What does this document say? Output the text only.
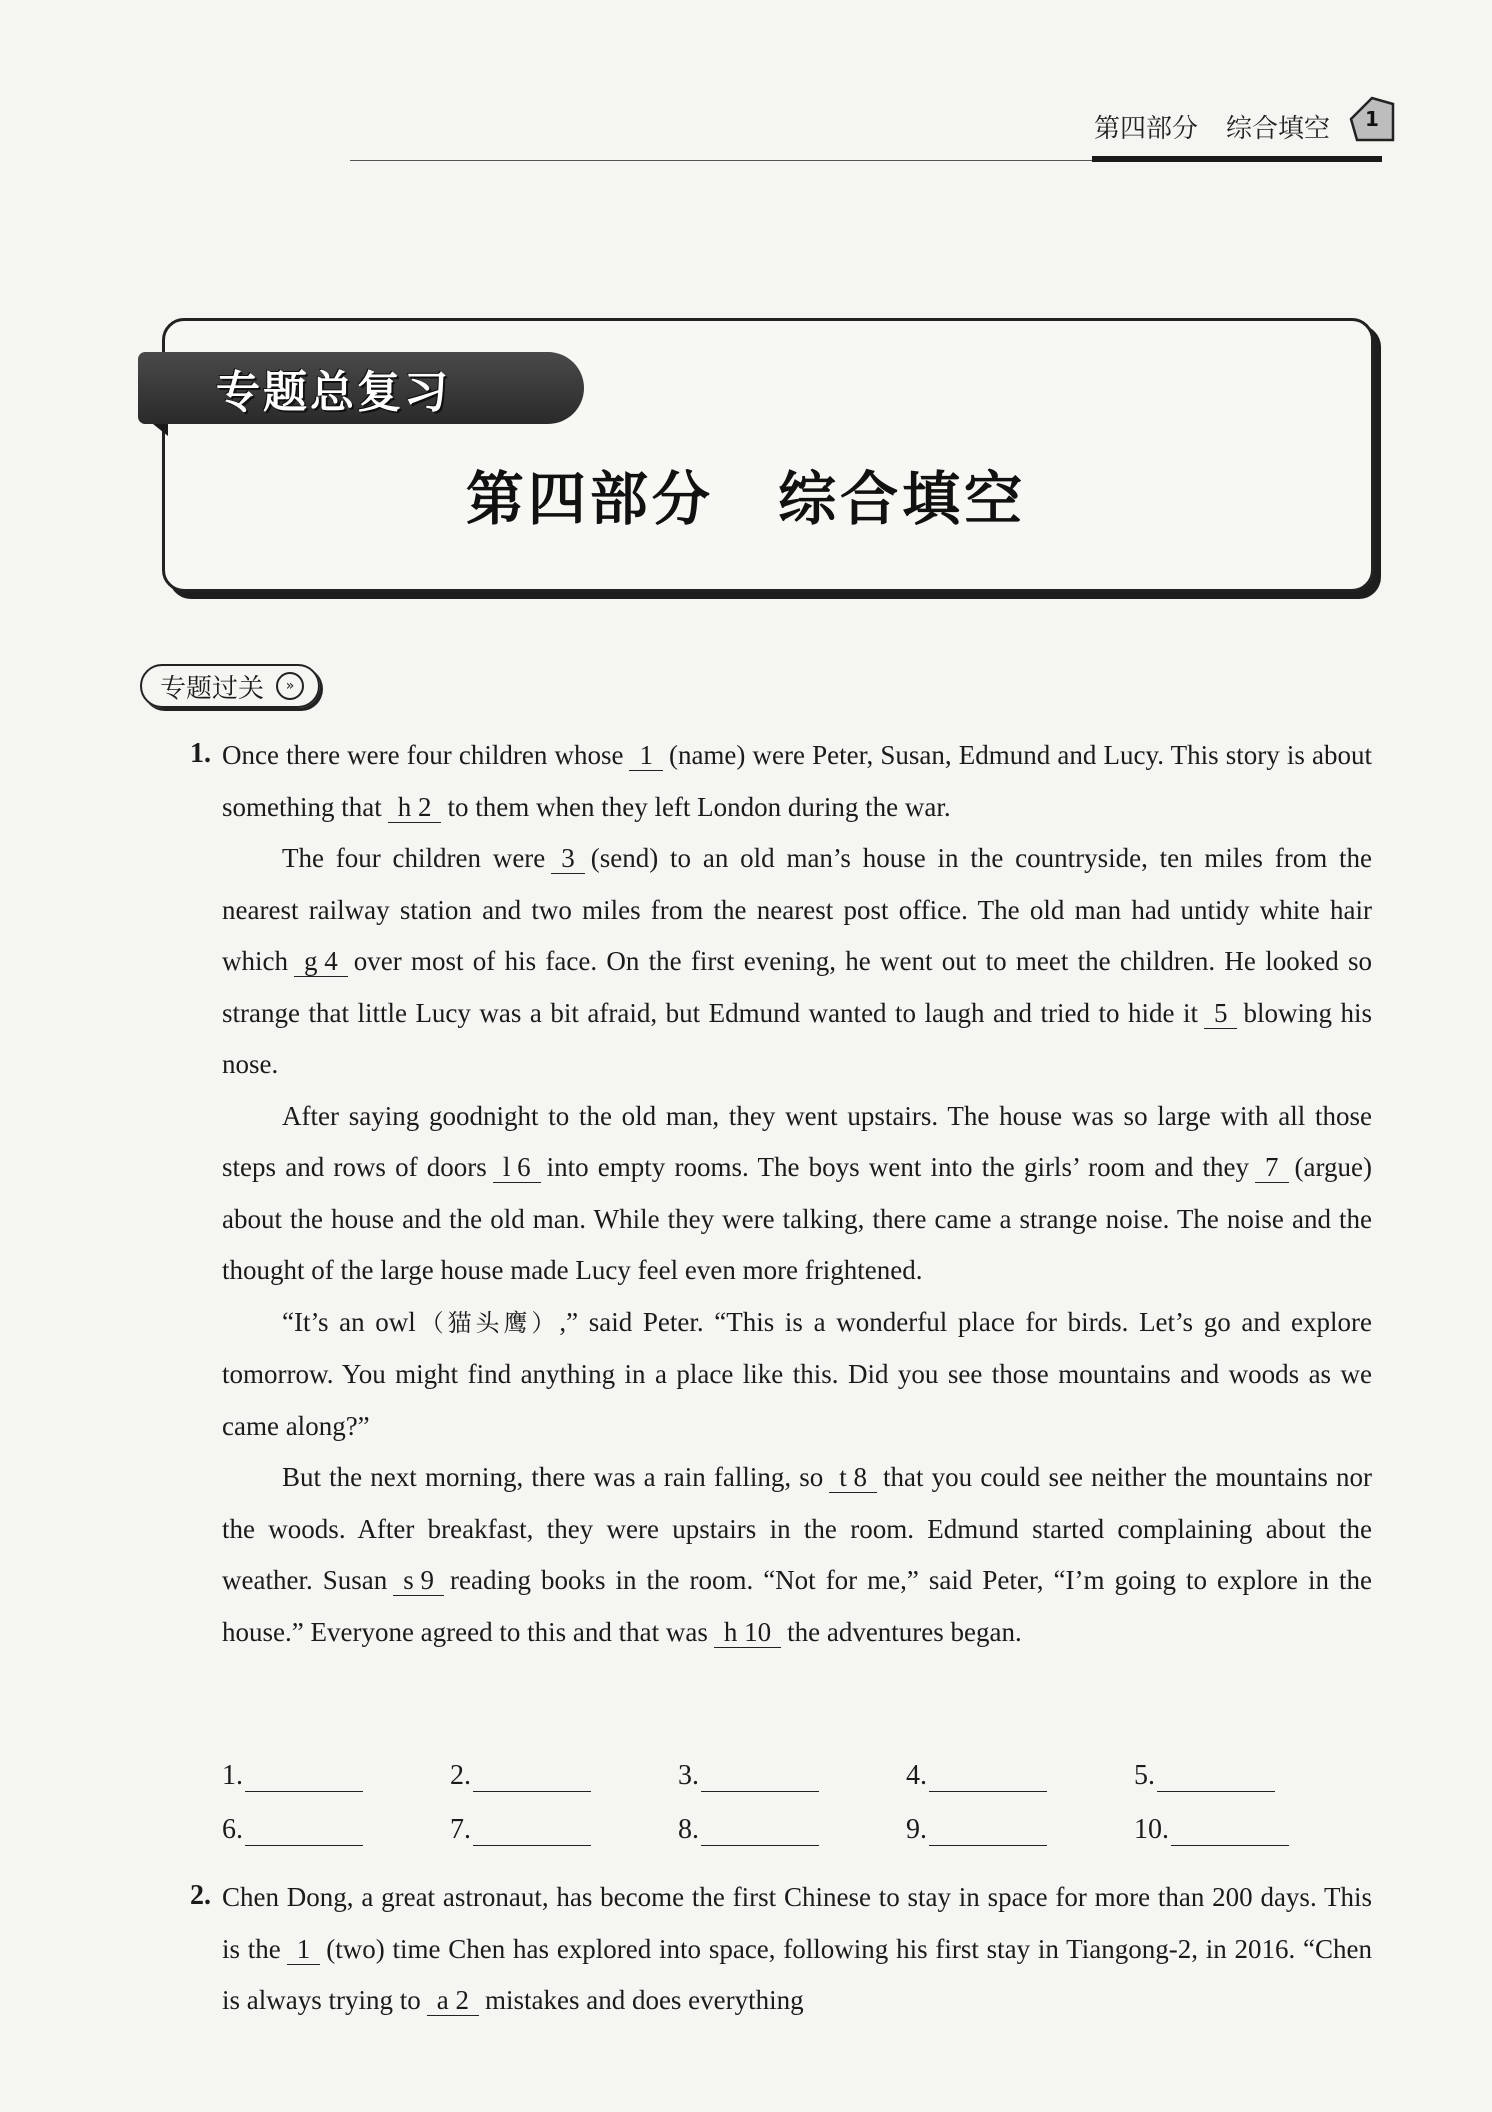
第四部分 综合填空 1
专题总复习
第四部分 综合填空
专题过关	»
1. Once there were four children whose 1 (name) were Peter, Susan, Edmund and Lucy. This story is about something that h 2 to them when they left London during the war.

The four children were 3 (send) to an old man’s house in the countryside, ten miles from the nearest railway station and two miles from the nearest post office. The old man had untidy white hair which g 4 over most of his face. On the first evening, he went out to meet the children. He looked so strange that little Lucy was a bit afraid, but Edmund wanted to laugh and tried to hide it 5 blowing his nose.

After saying goodnight to the old man, they went upstairs. The house was so large with all those steps and rows of doors l 6 into empty rooms. The boys went into the girls’ room and they 7 (argue) about the house and the old man. While they were talking, there came a strange noise. The noise and the thought of the large house made Lucy feel even more frightened.

“It’s an owl（猫头鹰）,” said Peter. “This is a wonderful place for birds. Let’s go and explore tomorrow. You might find anything in a place like this. Did you see those mountains and woods as we came along?”

But the next morning, there was a rain falling, so t 8 that you could see neither the mountains nor the woods. After breakfast, they were upstairs in the room. Edmund started complaining about the weather. Susan s 9 reading books in the room. “Not for me,” said Peter, “I’m going to explore in the house.” Everyone agreed to this and that was h 10 the adventures began.

1.	2.	3.	4.	5.
6.	7.	8.	9.	10.
2. Chen Dong, a great astronaut, has become the first Chinese to stay in space for more than 200 days. This is the 1 (two) time Chen has explored into space, following his first stay in Tiangong-2, in 2016. “Chen is always trying to a 2 mistakes and does everything
